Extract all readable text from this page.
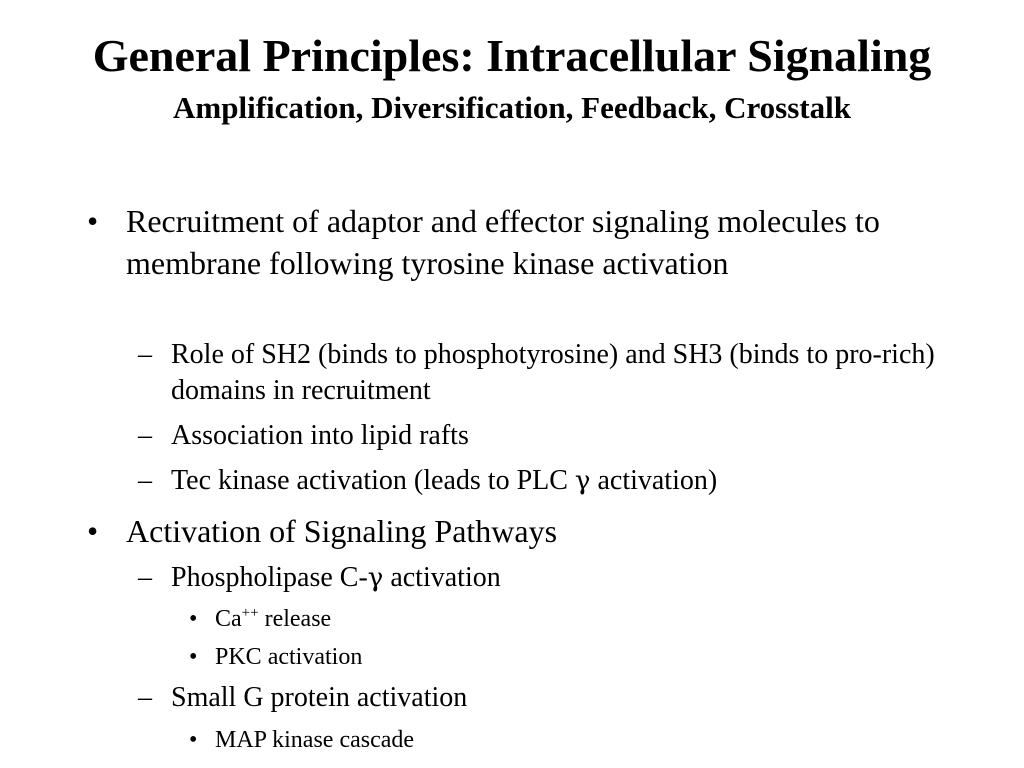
General Principles: Intracellular Signaling
Amplification, Diversification, Feedback, Crosstalk
• Recruitment of adaptor and effector signaling molecules to membrane following tyrosine kinase activation
– Role of SH2 (binds to phosphotyrosine) and SH3 (binds to pro-rich) domains in recruitment
– Association into lipid rafts
– Tec kinase activation (leads to PLC γ activation)
• Activation of Signaling Pathways
– Phospholipase C-γ activation
• Ca++ release
• PKC activation
– Small G protein activation
• MAP kinase cascade
